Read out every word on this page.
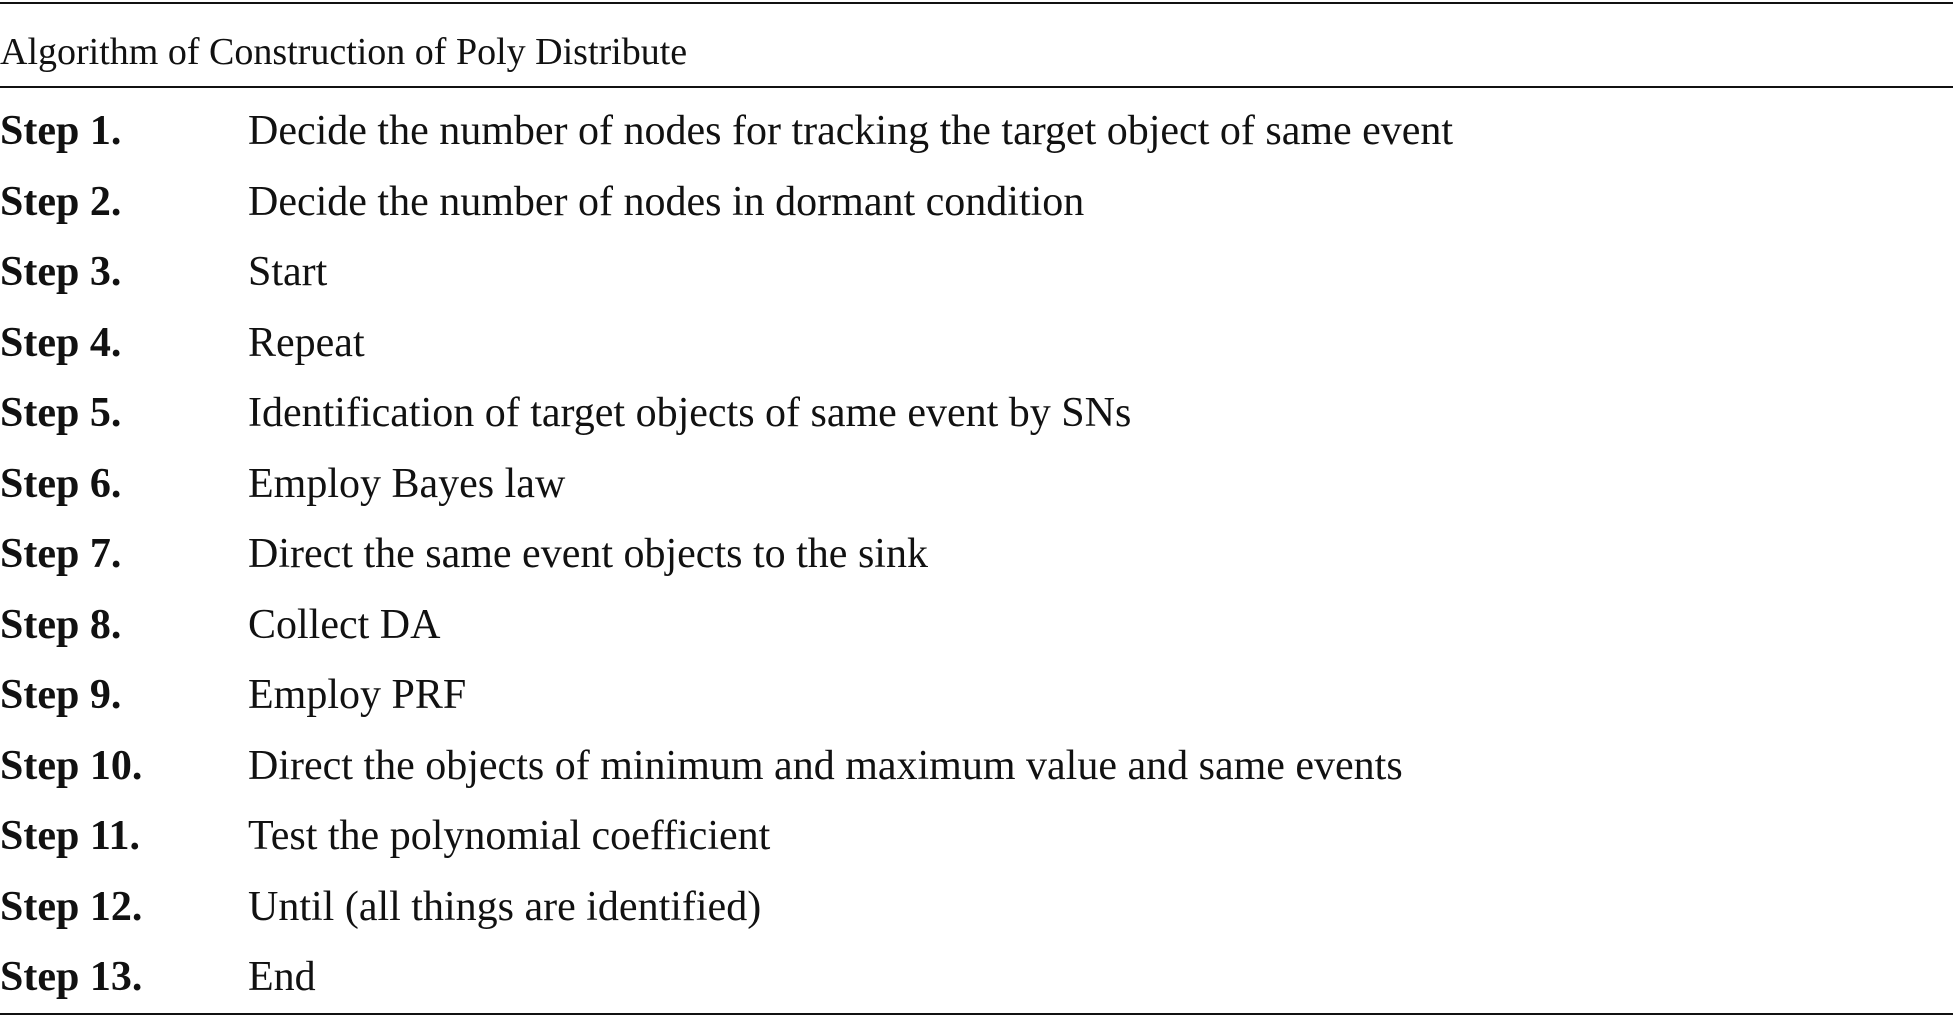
Algorithm of Construction of Poly Distribute
Step 1.	Decide the number of nodes for tracking the target object of same event
Step 2.	Decide the number of nodes in dormant condition
Step 3.	Start
Step 4.	Repeat
Step 5.	Identification of target objects of same event by SNs
Step 6.	Employ Bayes law
Step 7.	Direct the same event objects to the sink
Step 8.	Collect DA
Step 9.	Employ PRF
Step 10.	Direct the objects of minimum and maximum value and same events
Step 11.	Test the polynomial coefficient
Step 12.	Until (all things are identified)
Step 13.	End
